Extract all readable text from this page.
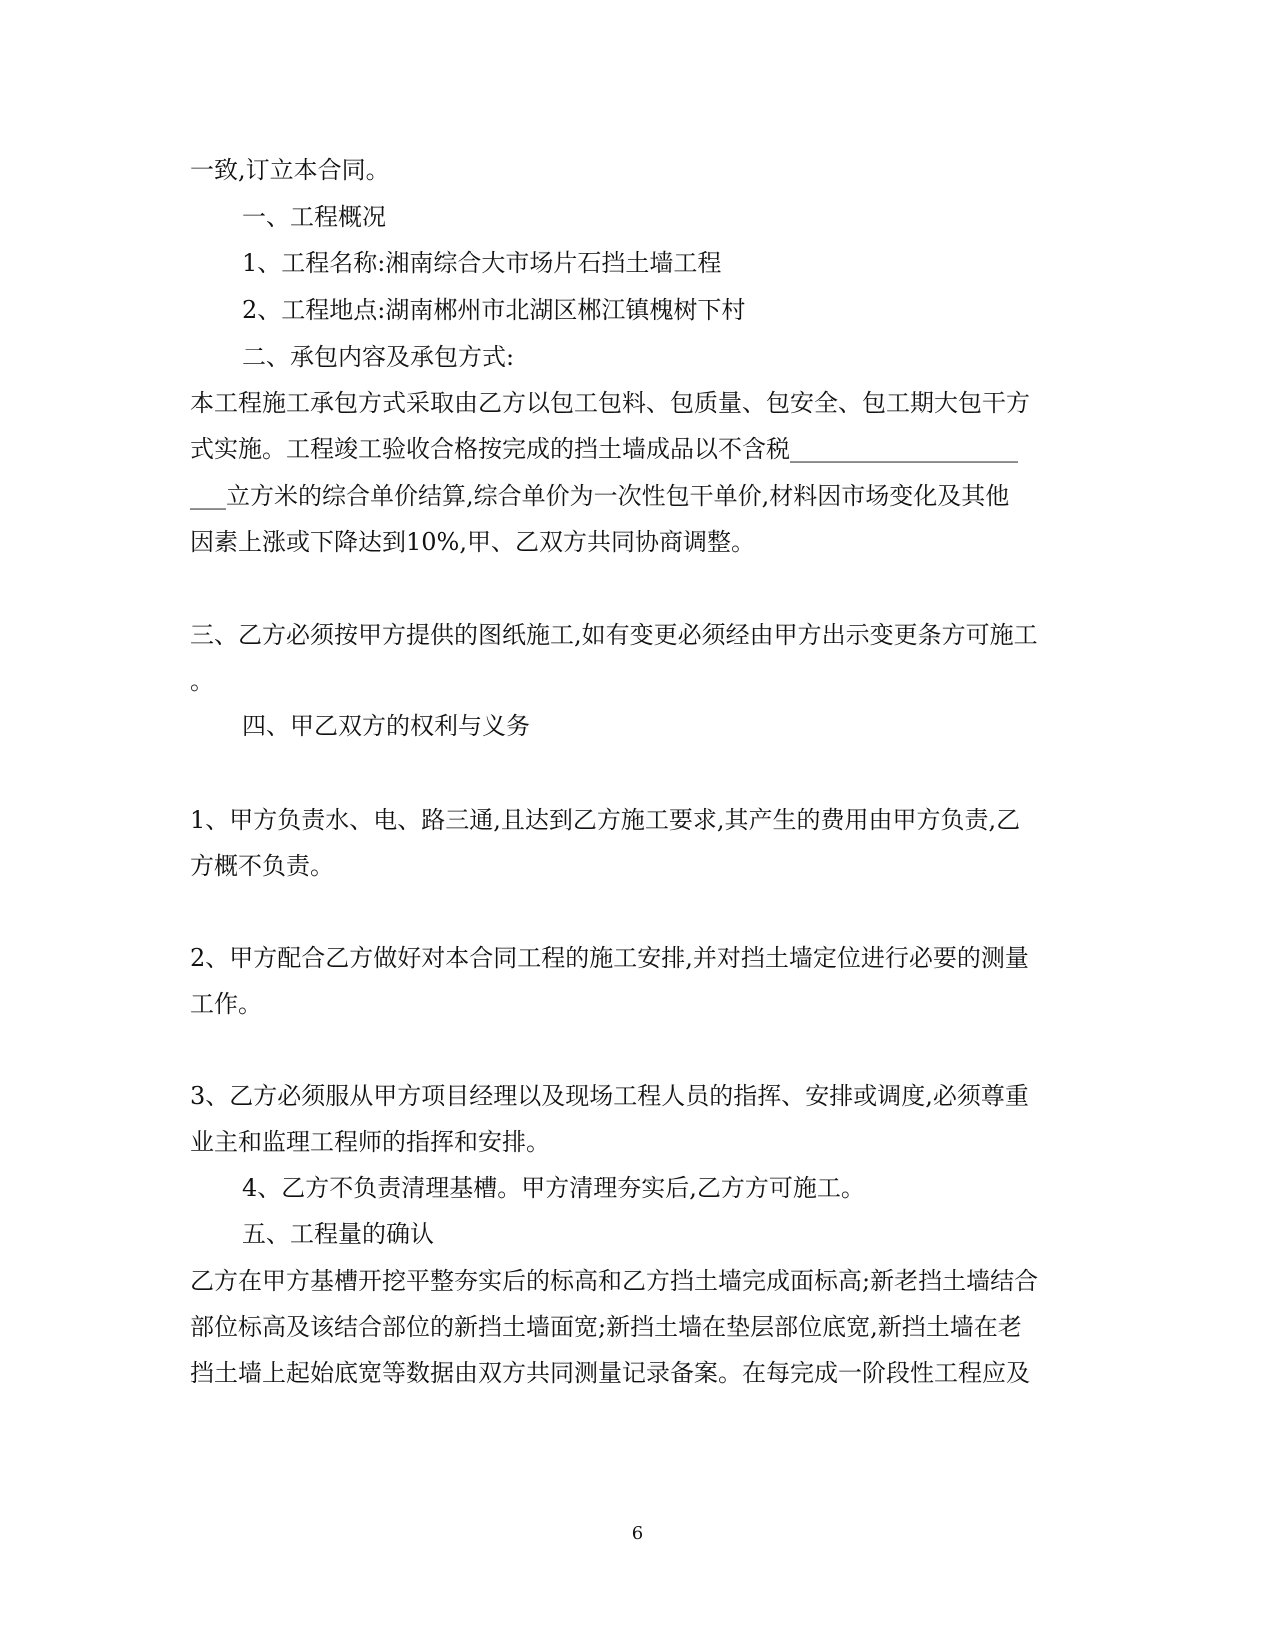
一致,订立本合同。
一、工程概况
1、工程名称:湘南综合大市场片石挡土墙工程
2、工程地点:湖南郴州市北湖区郴江镇槐树下村
二、承包内容及承包方式:
本工程施工承包方式采取由乙方以包工包料、包质量、包安全、包工期大包干方
式实施。工程竣工验收合格按完成的挡土墙成品以不含税___________________
___立方米的综合单价结算,综合单价为一次性包干单价,材料因市场变化及其他
因素上涨或下降达到10%,甲、乙双方共同协商调整。
三、乙方必须按甲方提供的图纸施工,如有变更必须经由甲方出示变更条方可施工
。
四、甲乙双方的权利与义务
1、甲方负责水、电、路三通,且达到乙方施工要求,其产生的费用由甲方负责,乙
方概不负责。
2、甲方配合乙方做好对本合同工程的施工安排,并对挡土墙定位进行必要的测量
工作。
3、乙方必须服从甲方项目经理以及现场工程人员的指挥、安排或调度,必须尊重
业主和监理工程师的指挥和安排。
4、乙方不负责清理基槽。甲方清理夯实后,乙方方可施工。
五、工程量的确认
乙方在甲方基槽开挖平整夯实后的标高和乙方挡土墙完成面标高;新老挡土墙结合
部位标高及该结合部位的新挡土墙面宽;新挡土墙在垫层部位底宽,新挡土墙在老
挡土墙上起始底宽等数据由双方共同测量记录备案。在每完成一阶段性工程应及
6
